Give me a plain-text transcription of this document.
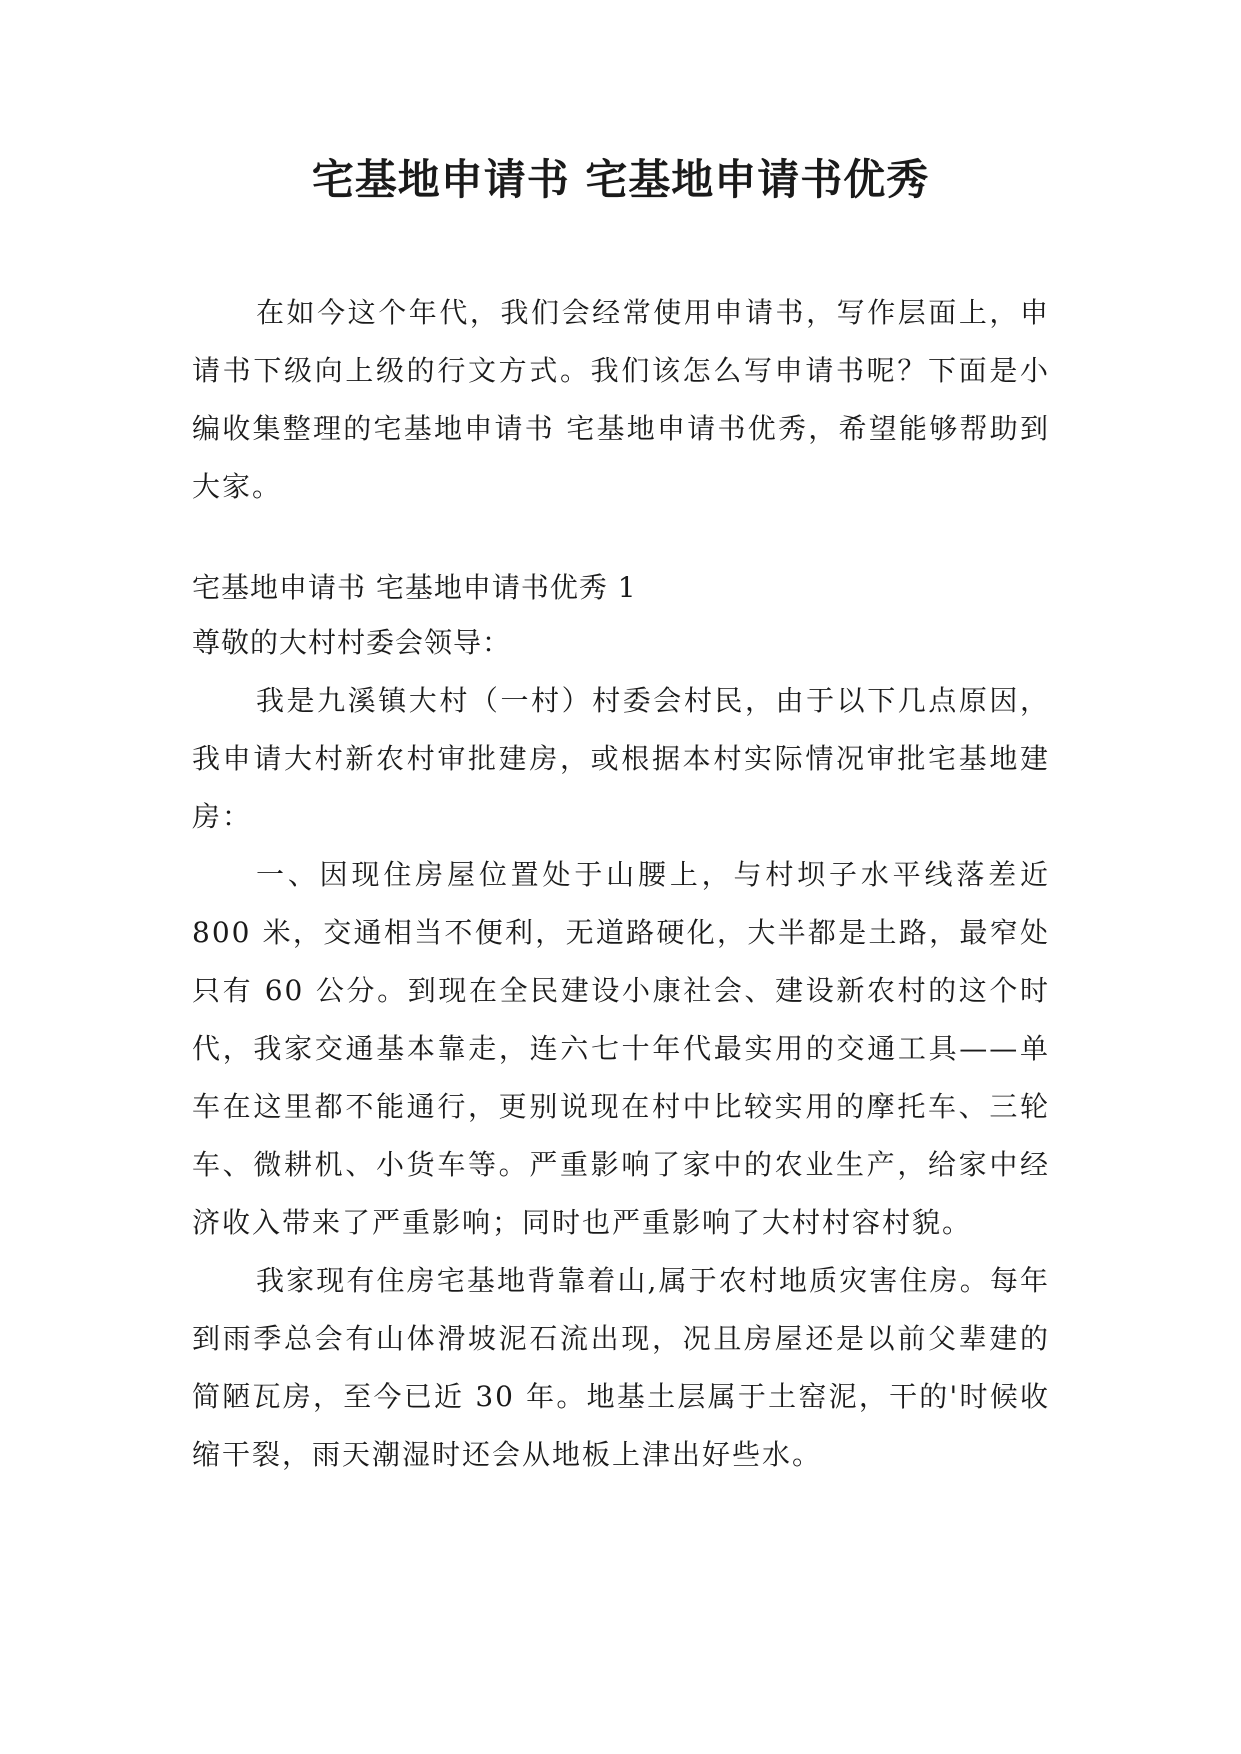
宅基地申请书 宅基地申请书优秀

在如今这个年代，我们会经常使用申请书，写作层面上，申请书下级向上级的行文方式。我们该怎么写申请书呢？下面是小编收集整理的宅基地申请书 宅基地申请书优秀，希望能够帮助到大家。

宅基地申请书 宅基地申请书优秀 1

尊敬的大村村委会领导：

我是九溪镇大村（一村）村委会村民，由于以下几点原因，我申请大村新农村审批建房，或根据本村实际情况审批宅基地建房：

一、因现住房屋位置处于山腰上，与村坝子水平线落差近 800 米，交通相当不便利，无道路硬化，大半都是土路，最窄处只有 60 公分。到现在全民建设小康社会、建设新农村的这个时代，我家交通基本靠走，连六七十年代最实用的交通工具——单车在这里都不能通行，更别说现在村中比较实用的摩托车、三轮车、微耕机、小货车等。严重影响了家中的农业生产，给家中经济收入带来了严重影响；同时也严重影响了大村村容村貌。

我家现有住房宅基地背靠着山,属于农村地质灾害住房。每年到雨季总会有山体滑坡泥石流出现，况且房屋还是以前父辈建的简陋瓦房，至今已近 30 年。地基土层属于土窑泥，干的'时候收缩干裂，雨天潮湿时还会从地板上津出好些水。
